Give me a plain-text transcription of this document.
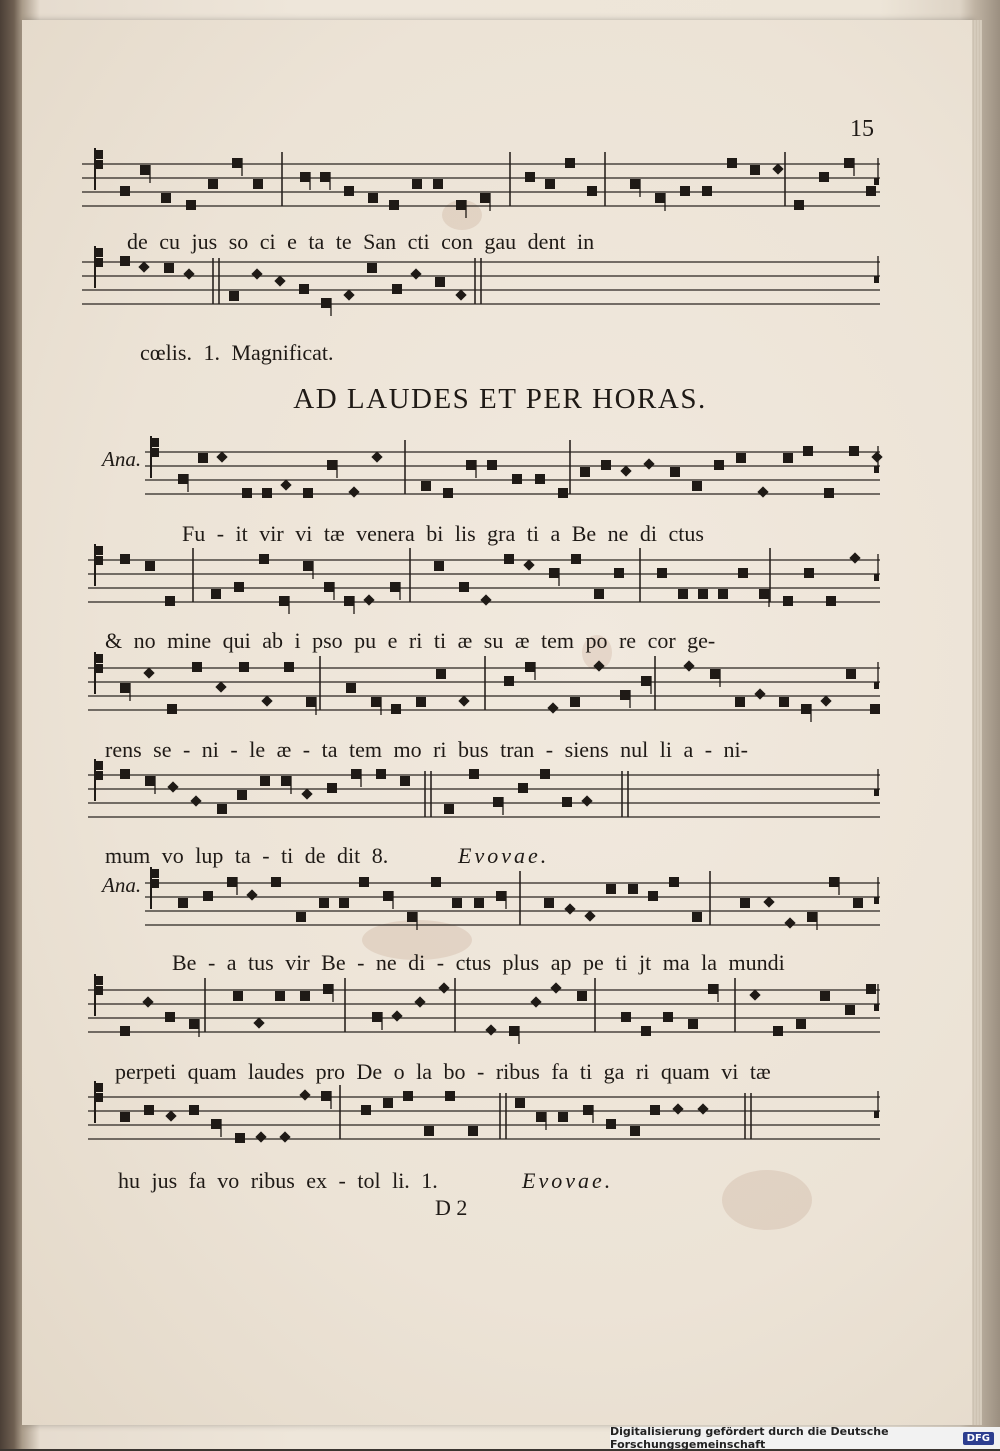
15

AD LAUDES ET PER HORAS.

de cu jus so ci e ta te San cti con gau dent in

cœlis. 1. Magnificat.

Ana.

Fu - it vir vi tæ venera bi lis gra ti a Be ne di ctus

& no mine qui ab i pso pu e ri ti æ su æ tem po re cor ge-

rens se - ni - le æ - ta tem mo ri bus tran - siens nul li a - ni-

mum vo lup ta - ti de dit 8.	Evovae.

Ana.

Be - a tus vir Be - ne di - ctus plus ap pe ti jt ma la mundi

perpeti quam laudes pro De o la bo - ribus fa ti ga ri quam vi tæ

hu jus fa vo ribus ex - tol li. 1.	Evovae.

D 2

Digitalisierung gefördert durch die Deutsche Forschungsgemeinschaft	DFG
